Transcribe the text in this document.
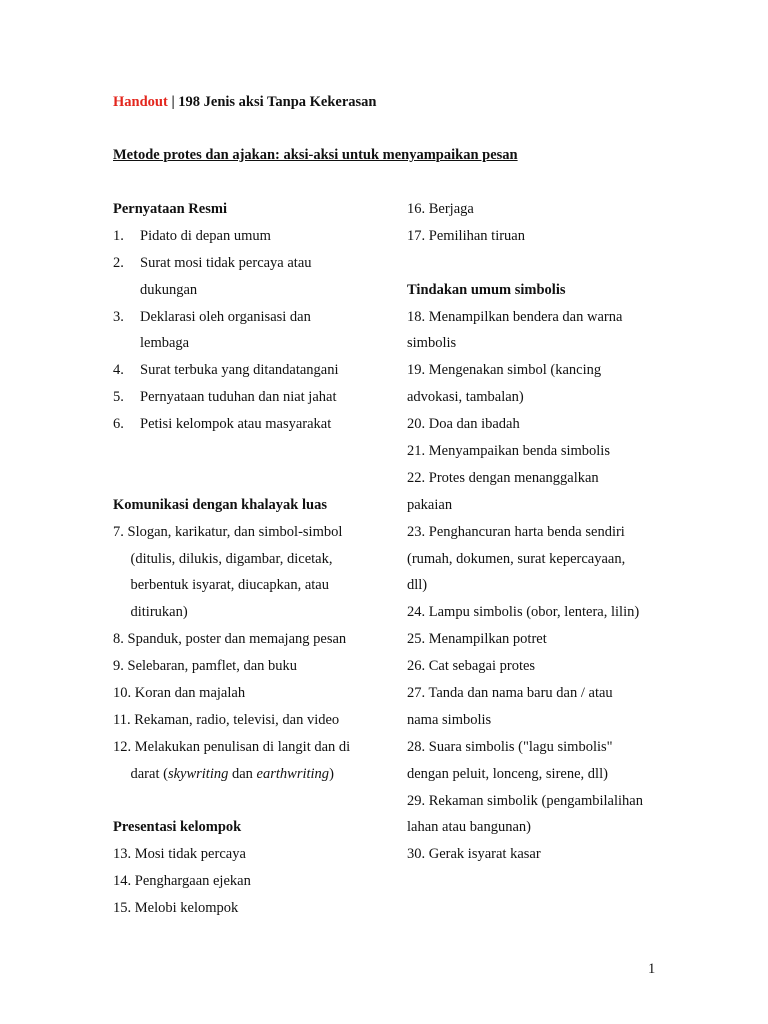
Handout | 198 Jenis aksi Tanpa Kekerasan
Metode protes dan ajakan: aksi-aksi untuk menyampaikan pesan
Pernyataan Resmi
1. Pidato di depan umum
2. Surat mosi tidak percaya atau
dukungan
3. Deklarasi oleh organisasi dan
lembaga
4. Surat terbuka yang ditandatangani
5. Pernyataan tuduhan dan niat jahat
6. Petisi kelompok atau masyarakat
Komunikasi dengan khalayak luas
7. Slogan, karikatur, dan simbol-simbol
(ditulis, dilukis, digambar, dicetak,
berbentuk isyarat, diucapkan, atau
ditirukan)
8. Spanduk, poster dan memajang pesan
9. Selebaran, pamflet, dan buku
10. Koran dan majalah
11. Rekaman, radio, televisi, dan video
12. Melakukan penulisan di langit dan di
darat (skywriting dan earthwriting)
Presentasi kelompok
13. Mosi tidak percaya
14. Penghargaan ejekan
15. Melobi kelompok
16. Berjaga
17. Pemilihan tiruan
Tindakan umum simbolis
18. Menampilkan bendera dan warna
simbolis
19. Mengenakan simbol (kancing
advokasi, tambalan)
20. Doa dan ibadah
21. Menyampaikan benda simbolis
22. Protes dengan menanggalkan
pakaian
23. Penghancuran harta benda sendiri
(rumah, dokumen, surat kepercayaan,
dll)
24. Lampu simbolis (obor, lentera, lilin)
25. Menampilkan potret
26. Cat sebagai protes
27. Tanda dan nama baru dan / atau
nama simbolis
28. Suara simbolis ("lagu simbolis"
dengan peluit, lonceng, sirene, dll)
29. Rekaman simbolik (pengambilalihan
lahan atau bangunan)
30. Gerak isyarat kasar
1
